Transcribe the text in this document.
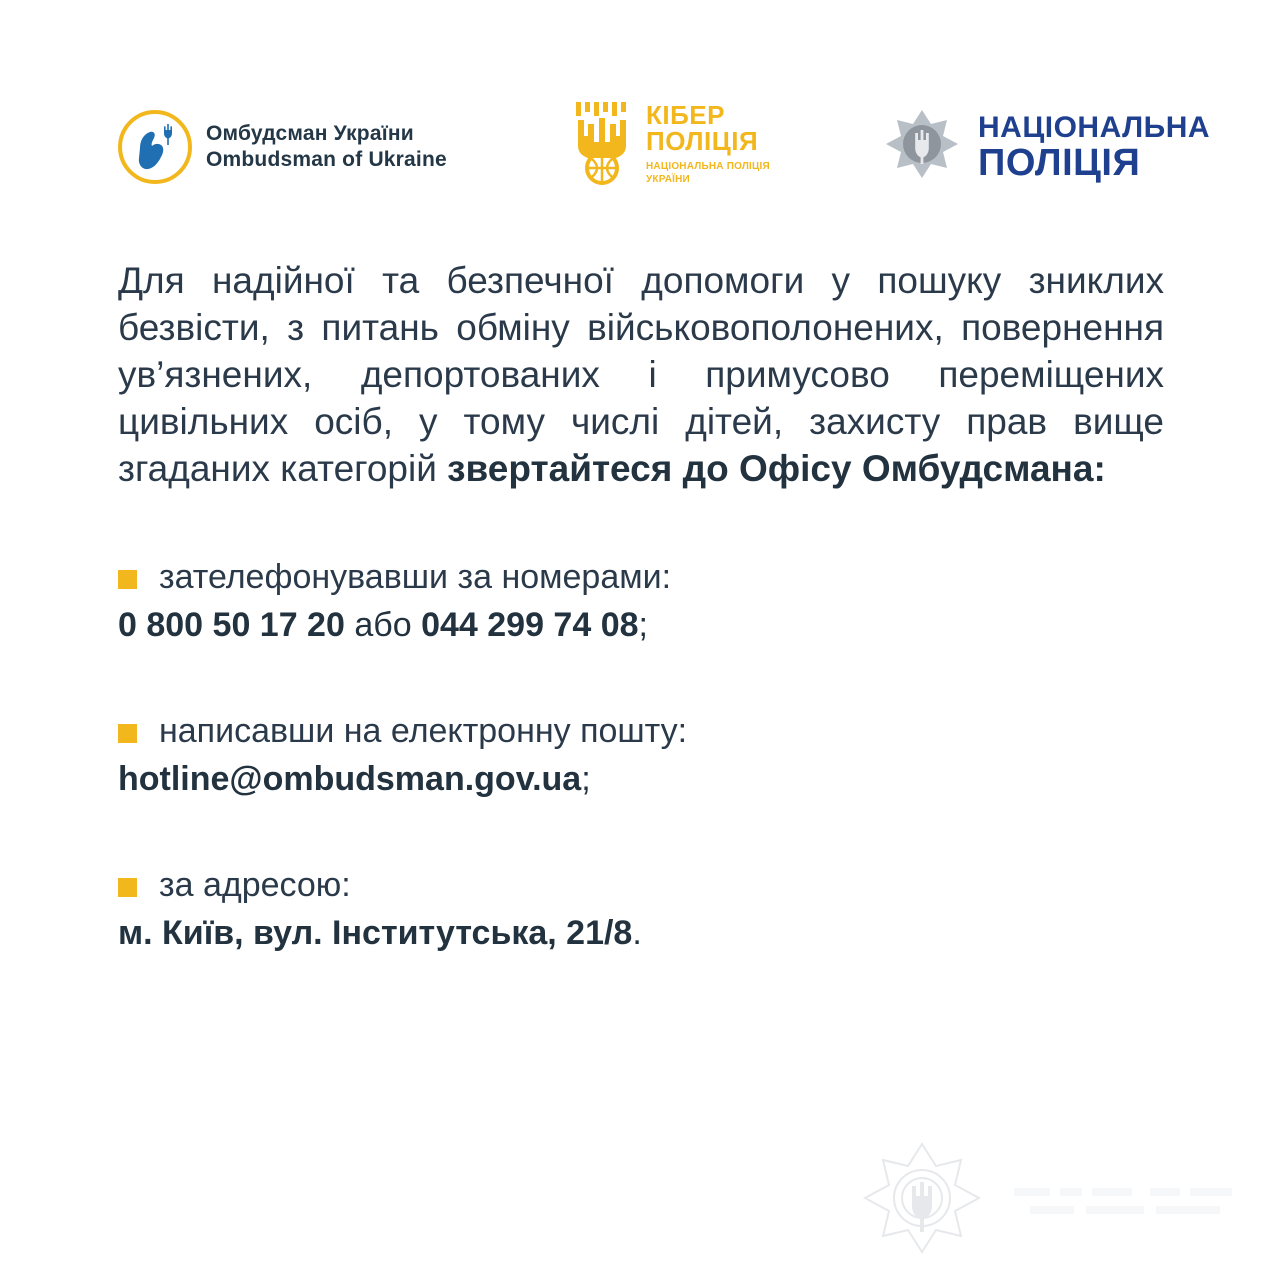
Омбудсман України
Ombudsman of Ukraine
КІБЕР
ПОЛІЦІЯ
НАЦІОНАЛЬНА ПОЛІЦІЯ
УКРАЇНИ
НАЦІОНАЛЬНА
ПОЛІЦІЯ

Для надійної та безпечної допомоги у пошуку зниклих безвісти, з питань обміну військовополонених, повернення ув’язнених, депортованих і примусово переміщених цивільних осіб, у тому числі дітей, захисту прав вище згаданих категорій звертайтеся до Офісу Омбудсмана:

зателефонувавши за номерами:
0 800 50 17 20 або 044 299 74 08;
написавши на електронну пошту:
hotline@ombudsman.gov.ua;
за адресою:
м. Київ, вул. Інститутська, 21/8.
